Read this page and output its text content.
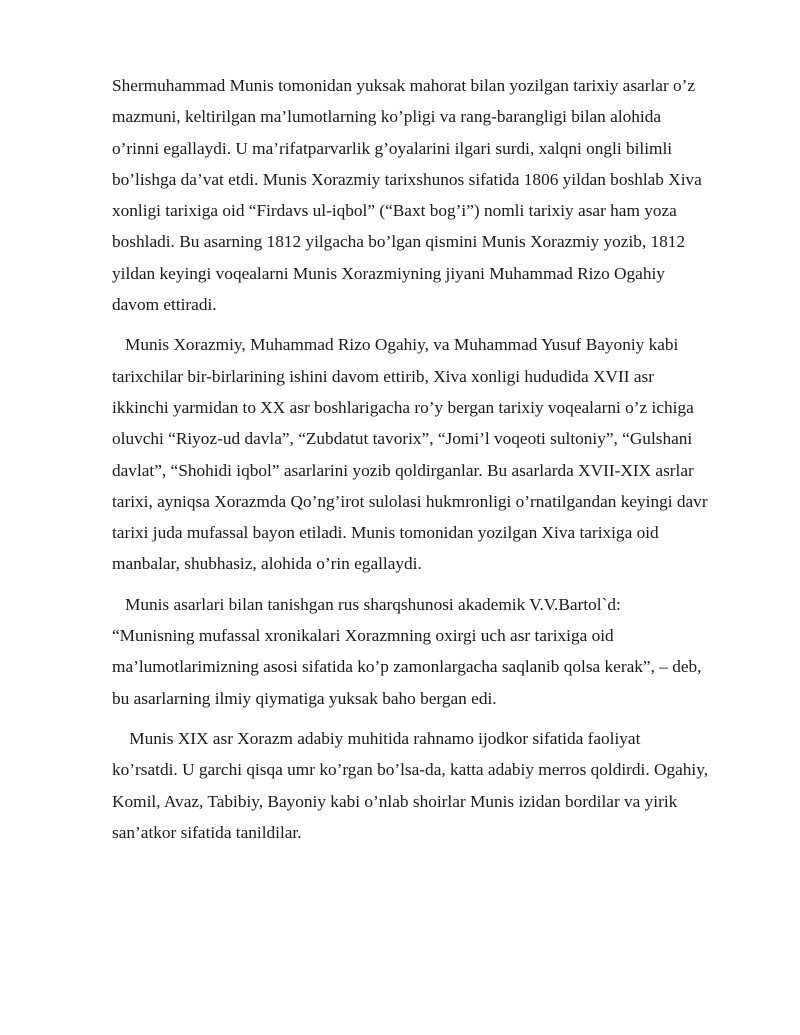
Shermuhammad Munis tomonidan yuksak mahorat bilan yozilgan tarixiy asarlar o’z
mazmuni, keltirilgan ma’lumotlarning ko’pligi va rang-barangligi bilan alohida
o’rinni egallaydi. U ma’rifatparvarlik g’oyalarini ilgari surdi, xalqni ongli bilimli
bo’lishga da’vat etdi. Munis Xorazmiy tarixshunos sifatida 1806 yildan boshlab Xiva
xonligi tarixiga oid “Firdavs ul-iqbol” (“Baxt bog’i”) nomli tarixiy asar ham yoza
boshladi. Bu asarning 1812 yilgacha bo’lgan qismini Munis Xorazmiy yozib, 1812
yildan keyingi voqealarni Munis Xorazmiyning jiyani Muhammad Rizo Ogahiy
davom ettiradi.

Munis Xorazmiy, Muhammad Rizo Ogahiy, va Muhammad Yusuf Bayoniy kabi
tarixchilar bir-birlarining ishini davom ettirib, Xiva xonligi hududida XVII asr
ikkinchi yarmidan to XX asr boshlarigacha ro’y bergan tarixiy voqealarni o’z ichiga
oluvchi “Riyoz-ud davla”, “Zubdatut tavorix”, “Jomi’l voqeoti sultoniy”, “Gulshani
davlat”, “Shohidi iqbol” asarlarini yozib qoldirganlar. Bu asarlarda XVII-XIX asrlar
tarixi, ayniqsa Xorazmda Qo’ng’irot sulolasi hukmronligi o’rnatilgandan keyingi davr
tarixi juda mufassal bayon etiladi. Munis tomonidan yozilgan Xiva tarixiga oid
manbalar, shubhasiz, alohida o’rin egallaydi.

Munis asarlari bilan tanishgan rus sharqshunosi akademik V.V.Bartol`d:
“Munisning mufassal xronikalari Xorazmning oxirgi uch asr tarixiga oid
ma’lumotlarimizning asosi sifatida ko’p zamonlargacha saqlanib qolsa kerak”, – deb,
bu asarlarning ilmiy qiymatiga yuksak baho bergan edi.

Munis XIX asr Xorazm adabiy muhitida rahnamo ijodkor sifatida faoliyat
ko’rsatdi. U garchi qisqa umr ko’rgan bo’lsa-da, katta adabiy merros qoldirdi. Ogahiy,
Komil, Avaz, Tabibiy, Bayoniy kabi o’nlab shoirlar Munis izidan bordilar va yirik
san’atkor sifatida tanildilar.
